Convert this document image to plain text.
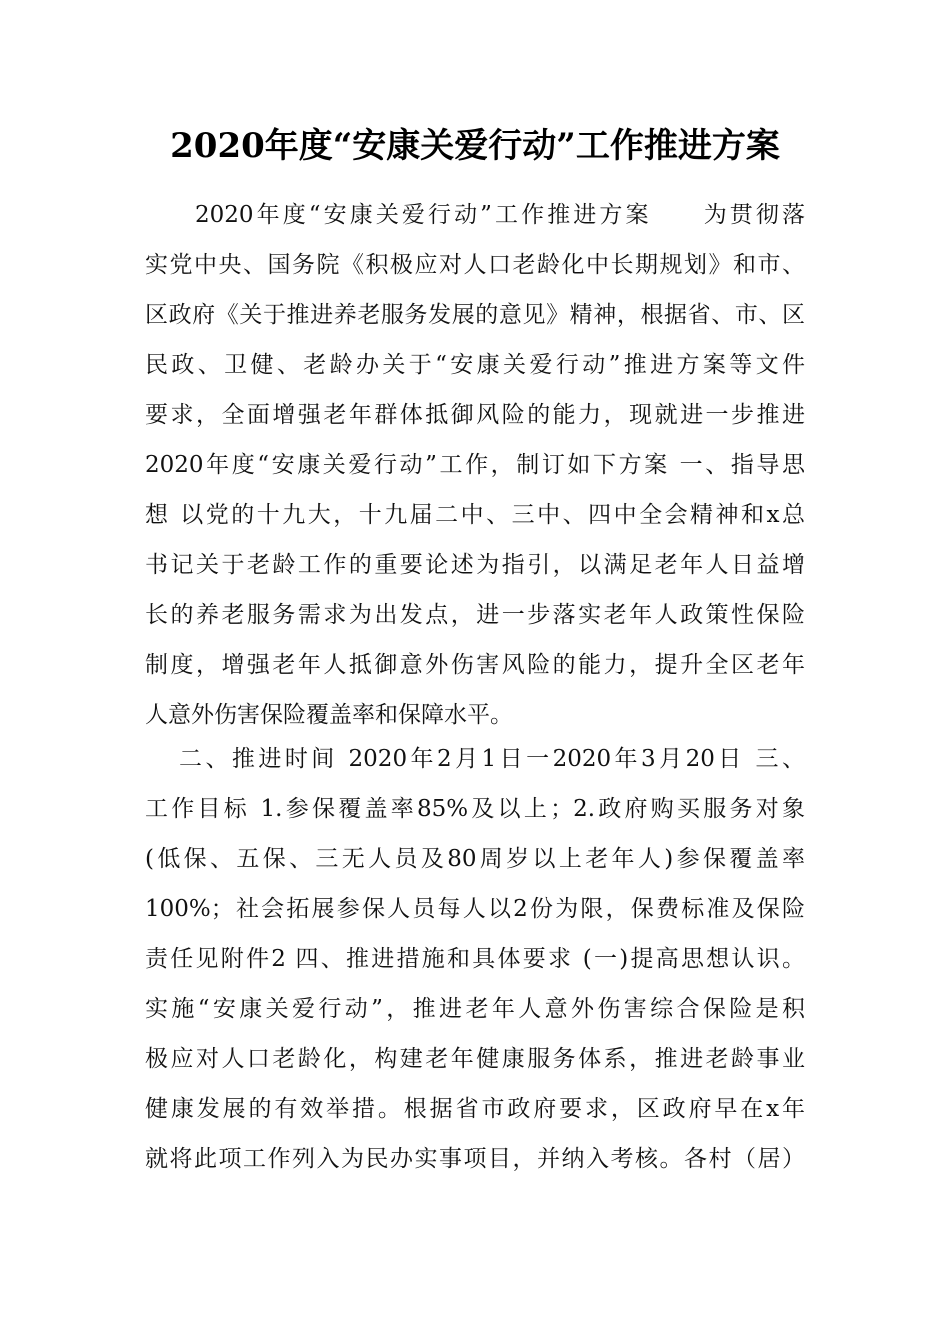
2020年度“安康关爱行动”工作推进方案
2020年度“安康关爱行动”工作推进方案　　为贯彻落
实党中央、国务院《积极应对人口老龄化中长期规划》和市、
区政府《关于推进养老服务发展的意见》精神，根据省、市、区
民政、卫健、老龄办关于“安康关爱行动”推进方案等文件
要求，全面增强老年群体抵御风险的能力，现就进一步推进
2020年度“安康关爱行动”工作，制订如下方案 一、指导思
想 以党的十九大，十九届二中、三中、四中全会精神和x总
书记关于老龄工作的重要论述为指引，以满足老年人日益增
长的养老服务需求为出发点，进一步落实老年人政策性保险
制度，增强老年人抵御意外伤害风险的能力，提升全区老年
人意外伤害保险覆盖率和保障水平。
二、推进时间 2020年2月1日一2020年3月20日 三、
工作目标 1.参保覆盖率85%及以上；2.政府购买服务对象
(低保、五保、三无人员及80周岁以上老年人)参保覆盖率
100%；社会拓展参保人员每人以2份为限，保费标准及保险
责任见附件2 四、推进措施和具体要求 (一)提高思想认识。
实施“安康关爱行动”，推进老年人意外伤害综合保险是积
极应对人口老龄化，构建老年健康服务体系，推进老龄事业
健康发展的有效举措。根据省市政府要求，区政府早在x年
就将此项工作列入为民办实事项目，并纳入考核。各村（居）
